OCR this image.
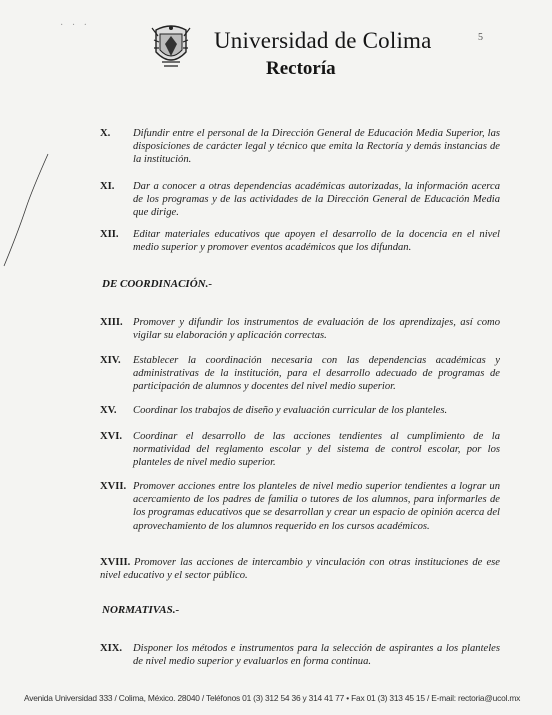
· · ·
Universidad de Colima
Rectoría
5
X. Difundir entre el personal de la Dirección General de Educación Media Superior, las disposiciones de carácter legal y técnico que emita la Rectoría y demás instancias de la institución.
XI. Dar a conocer a otras dependencias académicas autorizadas, la información acerca de los programas y de las actividades de la Dirección General de Educación Media que dirige.
XII. Editar materiales educativos que apoyen el desarrollo de la docencia en el nivel medio superior y promover eventos académicos que los difundan.
DE COORDINACIÓN.-
XIII. Promover y difundir los instrumentos de evaluación de los aprendizajes, así como vigilar su elaboración y aplicación correctas.
XIV. Establecer la coordinación necesaria con las dependencias académicas y administrativas de la institución, para el desarrollo adecuado de programas de participación de alumnos y docentes del nivel medio superior.
XV. Coordinar los trabajos de diseño y evaluación curricular de los planteles.
XVI. Coordinar el desarrollo de las acciones tendientes al cumplimiento de la normatividad del reglamento escolar y del sistema de control escolar, por los planteles de nivel medio superior.
XVII. Promover acciones entre los planteles de nivel medio superior tendientes a lograr un acercamiento de los padres de familia o tutores de los alumnos, para informarles de los programas educativos que se desarrollan y crear un espacio de opinión acerca del aprovechamiento de los alumnos requerido en los cursos académicos.
XVIII. Promover las acciones de intercambio y vinculación con otras instituciones de ese nivel educativo y el sector público.
NORMATIVAS.-
XIX. Disponer los métodos e instrumentos para la selección de aspirantes a los planteles de nivel medio superior y evaluarlos en forma continua.
Avenida Universidad 333 / Colima, México. 28040 / Teléfonos 01 (3) 312 54 36 y 314 41 77 • Fax 01 (3) 313 45 15 / E-mail: rectoria@ucol.mx
